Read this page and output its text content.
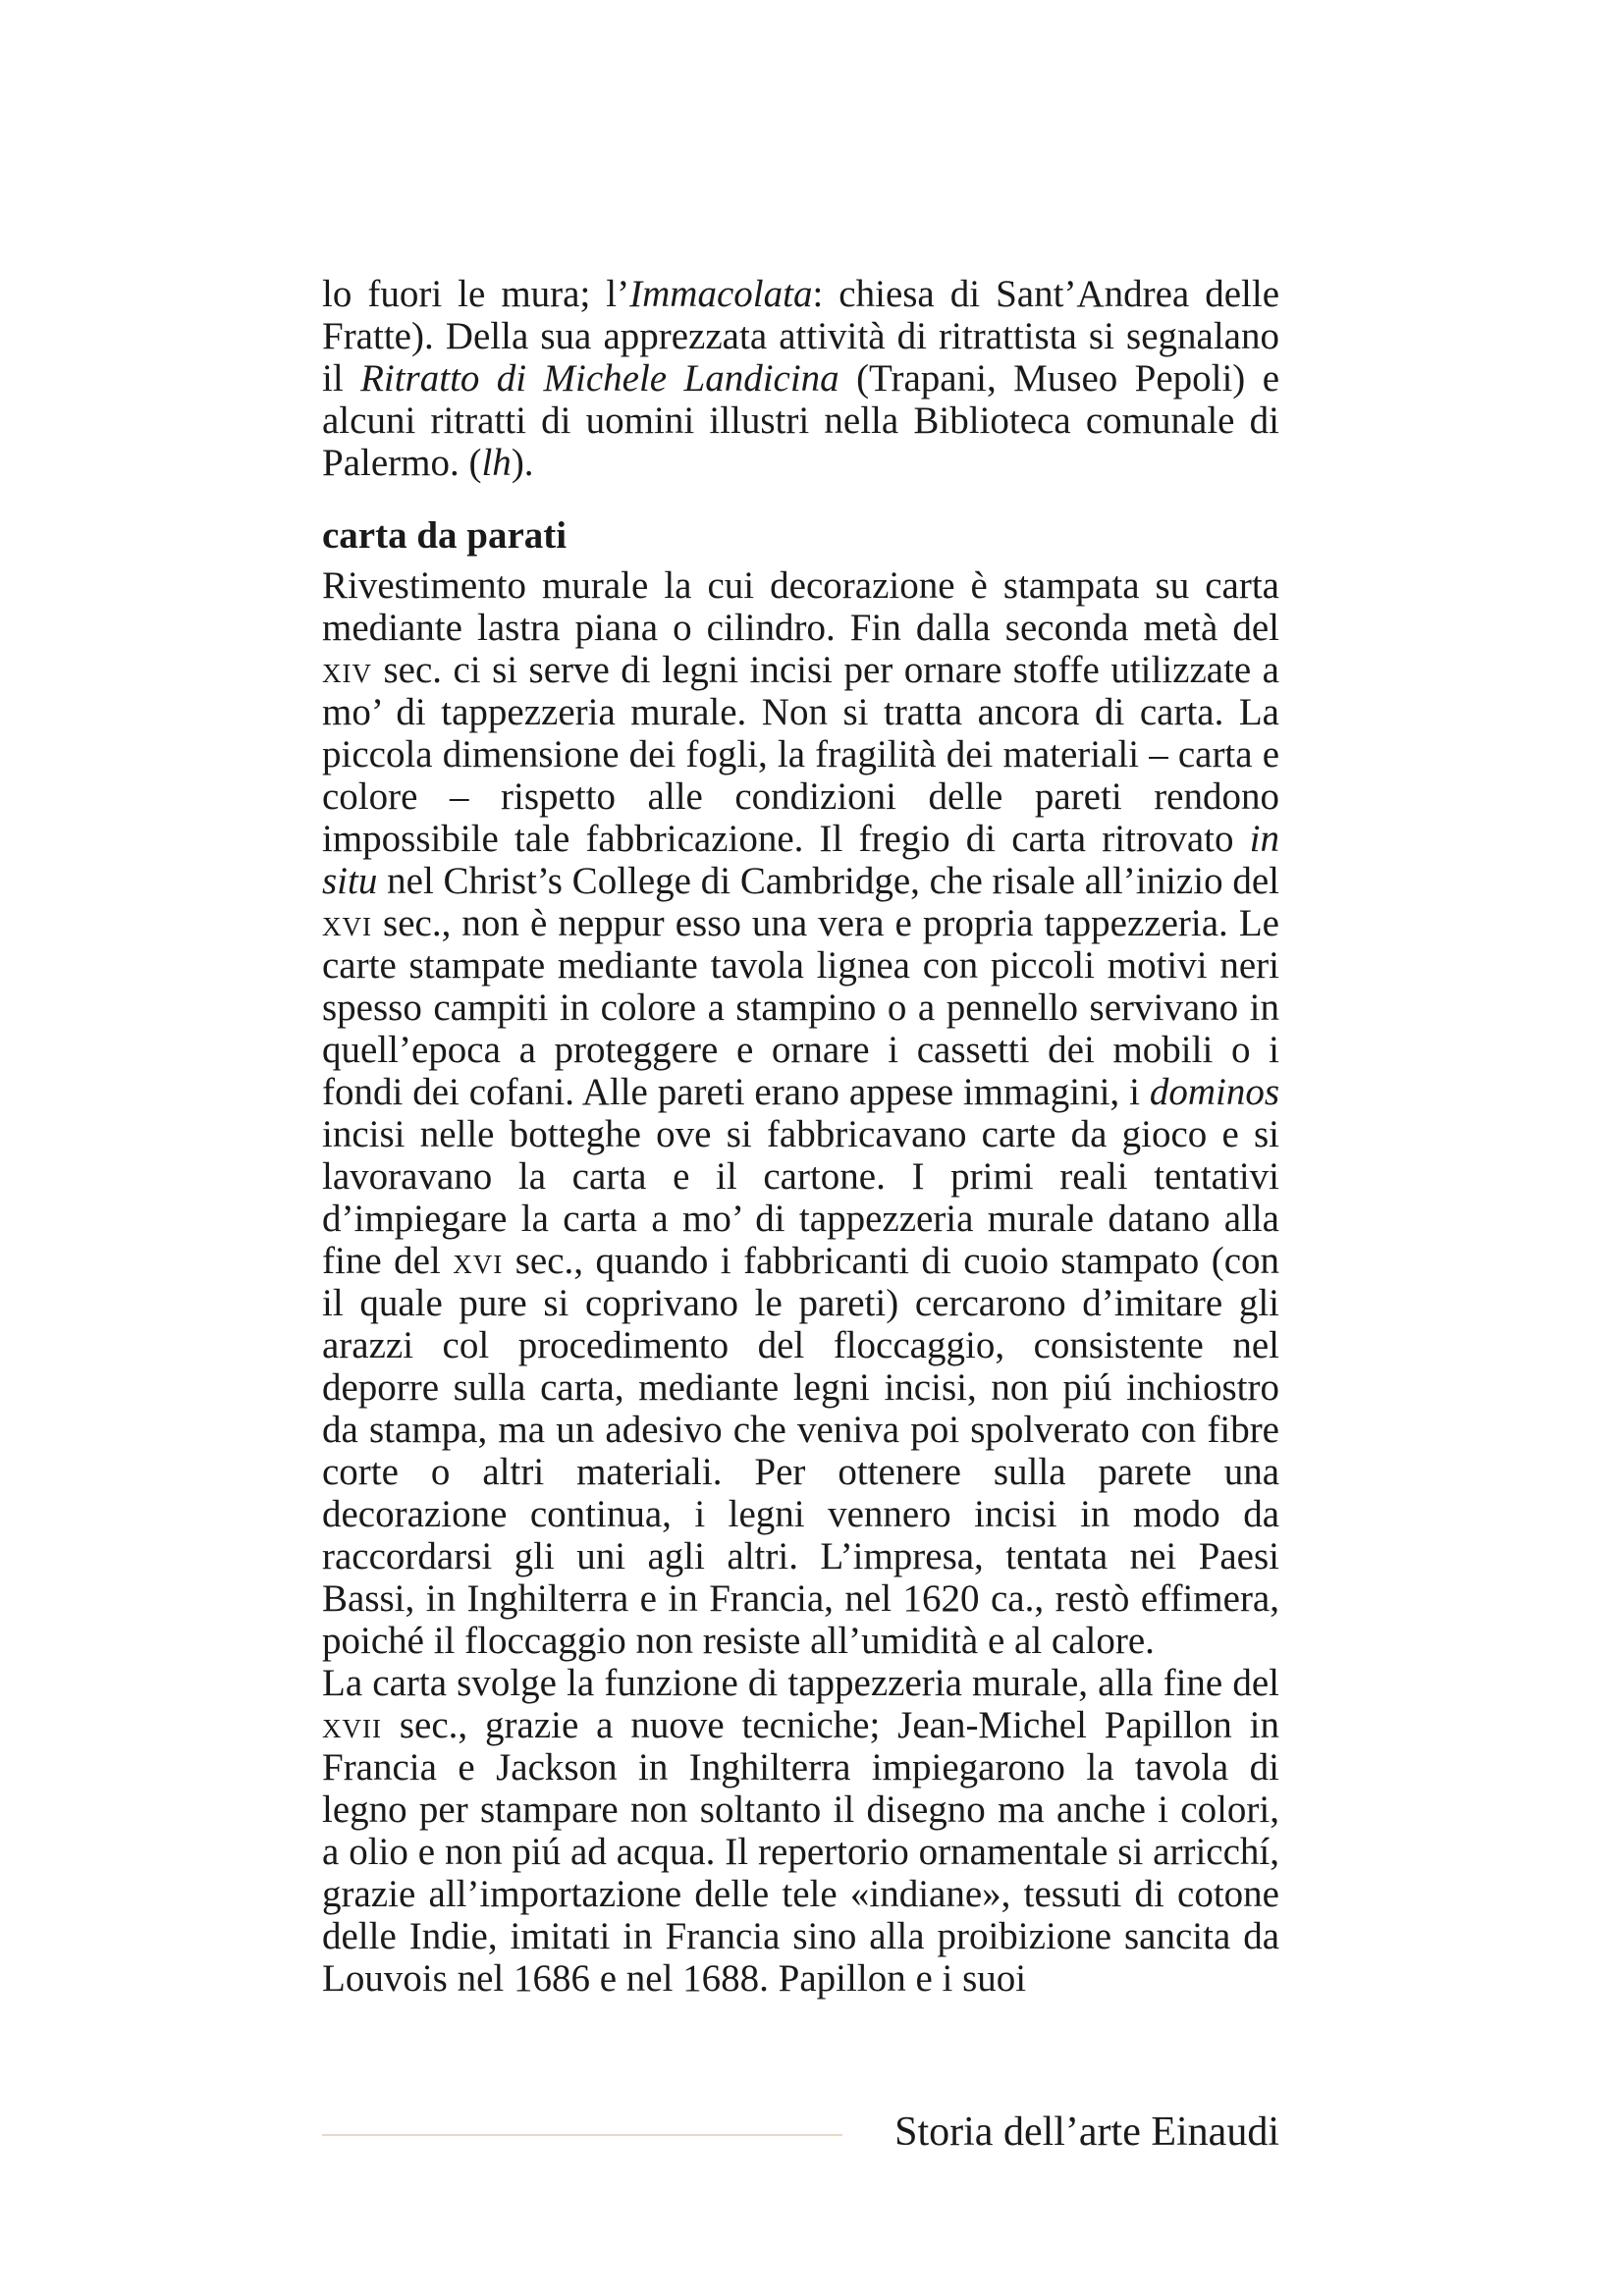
lo fuori le mura; l’Immacolata: chiesa di Sant’Andrea delle Fratte). Della sua apprezzata attività di ritrattista si segnalano il Ritratto di Michele Landicina (Trapani, Museo Pepoli) e alcuni ritratti di uomini illustri nella Biblioteca comunale di Palermo. (lh).

carta da parati

Rivestimento murale la cui decorazione è stampata su carta mediante lastra piana o cilindro. Fin dalla seconda metà del xiv sec. ci si serve di legni incisi per ornare stoffe utilizzate a mo’ di tappezzeria murale. Non si tratta ancora di carta. La piccola dimensione dei fogli, la fragilità dei materiali – carta e colore – rispetto alle condizioni delle pareti rendono impossibile tale fabbricazione. Il fregio di carta ritrovato in situ nel Christ’s College di Cambridge, che risale all’inizio del xvi sec., non è neppur esso una vera e propria tappezzeria. Le carte stampate mediante tavola lignea con piccoli motivi neri spesso campiti in colore a stampino o a pennello servivano in quell’epoca a proteggere e ornare i cassetti dei mobili o i fondi dei cofani. Alle pareti erano appese immagini, i dominos incisi nelle botteghe ove si fabbricavano carte da gioco e si lavoravano la carta e il cartone. I primi reali tentativi d’impiegare la carta a mo’ di tappezzeria murale datano alla fine del xvi sec., quando i fabbricanti di cuoio stampato (con il quale pure si coprivano le pareti) cercarono d’imitare gli arazzi col procedimento del floccaggio, consistente nel deporre sulla carta, mediante legni incisi, non piú inchiostro da stampa, ma un adesivo che veniva poi spolverato con fibre corte o altri materiali. Per ottenere sulla parete una decorazione continua, i legni vennero incisi in modo da raccordarsi gli uni agli altri. L’impresa, tentata nei Paesi Bassi, in Inghilterra e in Francia, nel 1620 ca., restò effimera, poiché il floccaggio non resiste all’umidità e al calore.

La carta svolge la funzione di tappezzeria murale, alla fine del xvii sec., grazie a nuove tecniche; Jean-Michel Papillon in Francia e Jackson in Inghilterra impiegarono la tavola di legno per stampare non soltanto il disegno ma anche i colori, a olio e non piú ad acqua. Il repertorio ornamentale si arricchí, grazie all’importazione delle tele «indiane», tessuti di cotone delle Indie, imitati in Francia sino alla proibizione sancita da Louvois nel 1686 e nel 1688. Papillon e i suoi

Storia dell’arte Einaudi
